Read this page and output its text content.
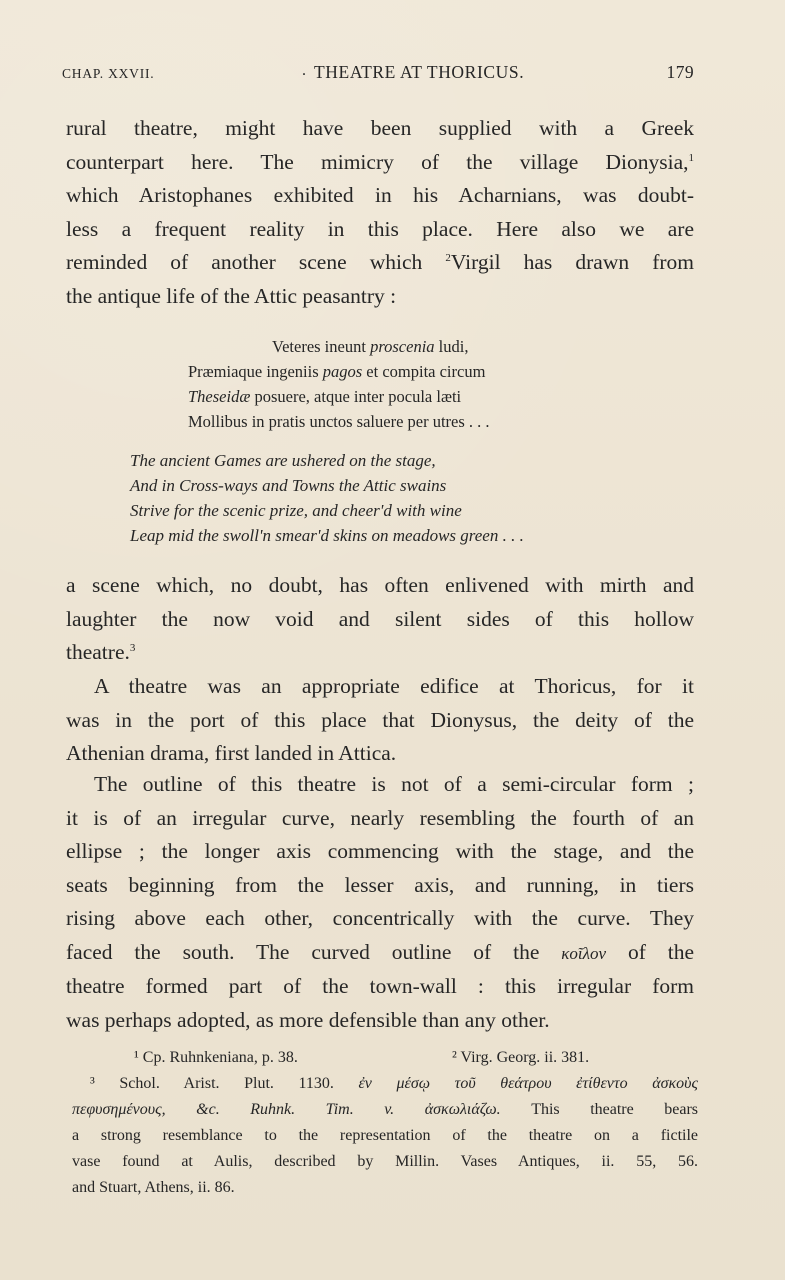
CHAP. XXVII.	. THEATRE AT THORICUS.	179
rural theatre, might have been supplied with a Greek
counterpart here. The mimicry of the village Dionysia,$^1$
which Aristophanes exhibited in his Acharnians, was doubt-
less a frequent reality in this place. Here also we are
reminded of another scene which $^2$Virgil has drawn from
the antique life of the Attic peasantry :
Veteres ineunt proscenia ludi,
Præmiaque ingeniis pagos et compita circum
Theseidæ posuere, atque inter pocula læti
Mollibus in pratis unctos saluere per utres . . .
The ancient Games are ushered on the stage,
And in Cross-ways and Towns the Attic swains
Strive for the scenic prize, and cheer'd with wine
Leap mid the swoll'n smear'd skins on meadows green . . .
a scene which, no doubt, has often enlivened with mirth and
laughter the now void and silent sides of this hollow
theatre.$^3$
A theatre was an appropriate edifice at Thoricus, for it
was in the port of this place that Dionysus, the deity of the
Athenian drama, first landed in Attica.
The outline of this theatre is not of a semi-circular form ;
it is of an irregular curve, nearly resembling the fourth of an
ellipse ; the longer axis commencing with the stage, and the
seats beginning from the lesser axis, and running, in tiers
rising above each other, concentrically with the curve. They
faced the south. The curved outline of the κοῖλον of the
theatre formed part of the town-wall : this irregular form
was perhaps adopted, as more defensible than any other.
¹ Cp. Ruhnkeniana, p. 38.	² Virg. Georg. ii. 381.
³ Schol. Arist. Plut. 1130. ἐν μέσῳ τοῦ θεάτρου ἐτίθεντο ἀσκοὺς
πεφυσημένους, &c. Ruhnk. Tim. v. ἀσκωλιάζω. This theatre bears
a strong resemblance to the representation of the theatre on a fictile
vase found at Aulis, described by Millin. Vases Antiques, ii. 55, 56.
and Stuart, Athens, ii. 86.
